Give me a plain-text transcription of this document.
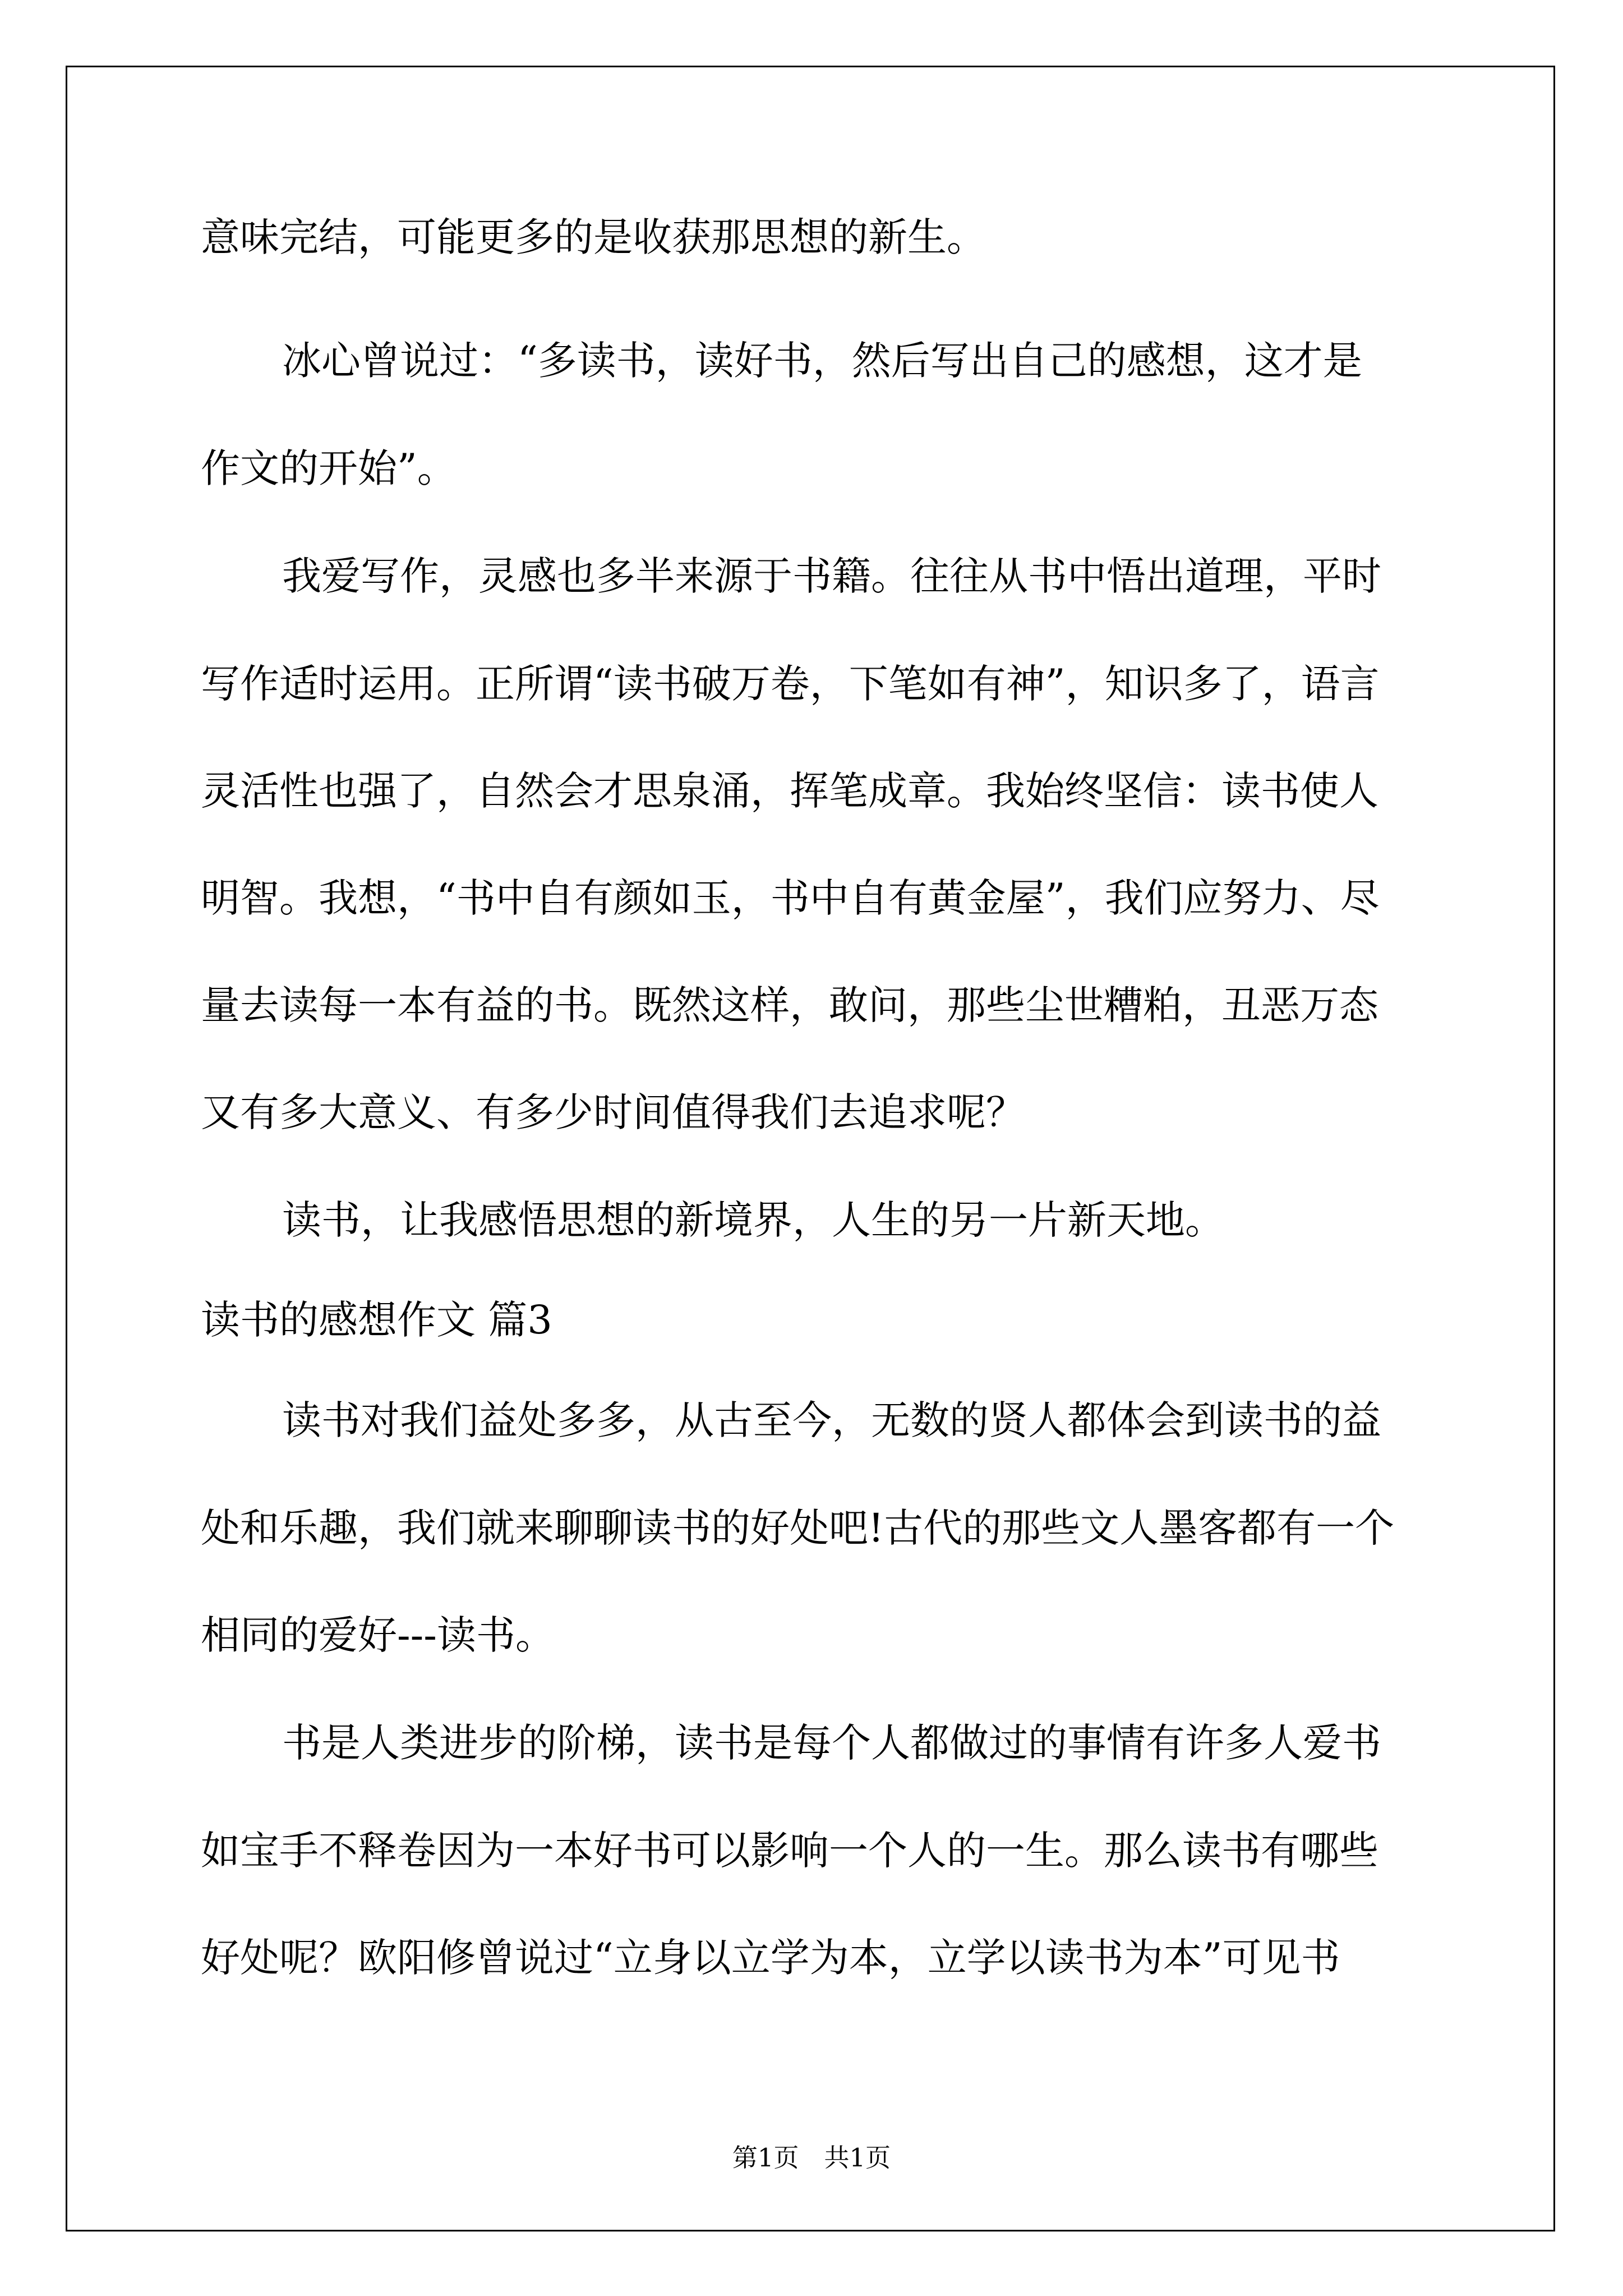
意味完结，可能更多的是收获那思想的新生。
冰心曾说过：“多读书，读好书，然后写出自己的感想，这才是
作文的开始”。
我爱写作，灵感也多半来源于书籍。往往从书中悟出道理，平时
写作适时运用。正所谓“读书破万卷，下笔如有神”，知识多了，语言
灵活性也强了，自然会才思泉涌，挥笔成章。我始终坚信：读书使人
明智。我想，“书中自有颜如玉，书中自有黄金屋”，我们应努力、尽
量去读每一本有益的书。既然这样，敢问，那些尘世糟粕，丑恶万态
又有多大意义、有多少时间值得我们去追求呢？
读书，让我感悟思想的新境界，人生的另一片新天地。
读书的感想作文 篇3
读书对我们益处多多，从古至今，无数的贤人都体会到读书的益
处和乐趣，我们就来聊聊读书的好处吧!古代的那些文人墨客都有一个
相同的爱好---读书。
书是人类进步的阶梯，读书是每个人都做过的事情有许多人爱书
如宝手不释卷因为一本好书可以影响一个人的一生。那么读书有哪些
好处呢？欧阳修曾说过“立身以立学为本，立学以读书为本”可见书
第1页　共1页
